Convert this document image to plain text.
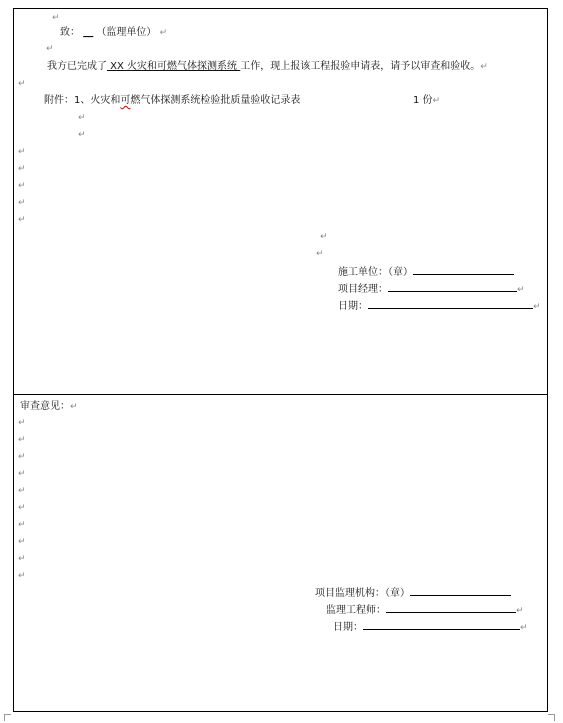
↵
致： __ （监理单位） ↵
↵
我方已完成了 XX 火灾和可燃气体探测系统 工作，现上报该工程报验申请表，请予以审查和验收。↵
↵
附件：1、火灾和可燃气体探测系统检验批质量验收记录表	1 份↵
↵
↵
↵
↵
↵
↵
↵
↵
↵
施工单位：（章）
项目经理：	↵
日期：	↵
审查意见：↵
↵
↵
↵
↵
↵
↵
↵
↵
↵
↵
项目监理机构：（章）
监理工程师：	↵
日期：	↵
